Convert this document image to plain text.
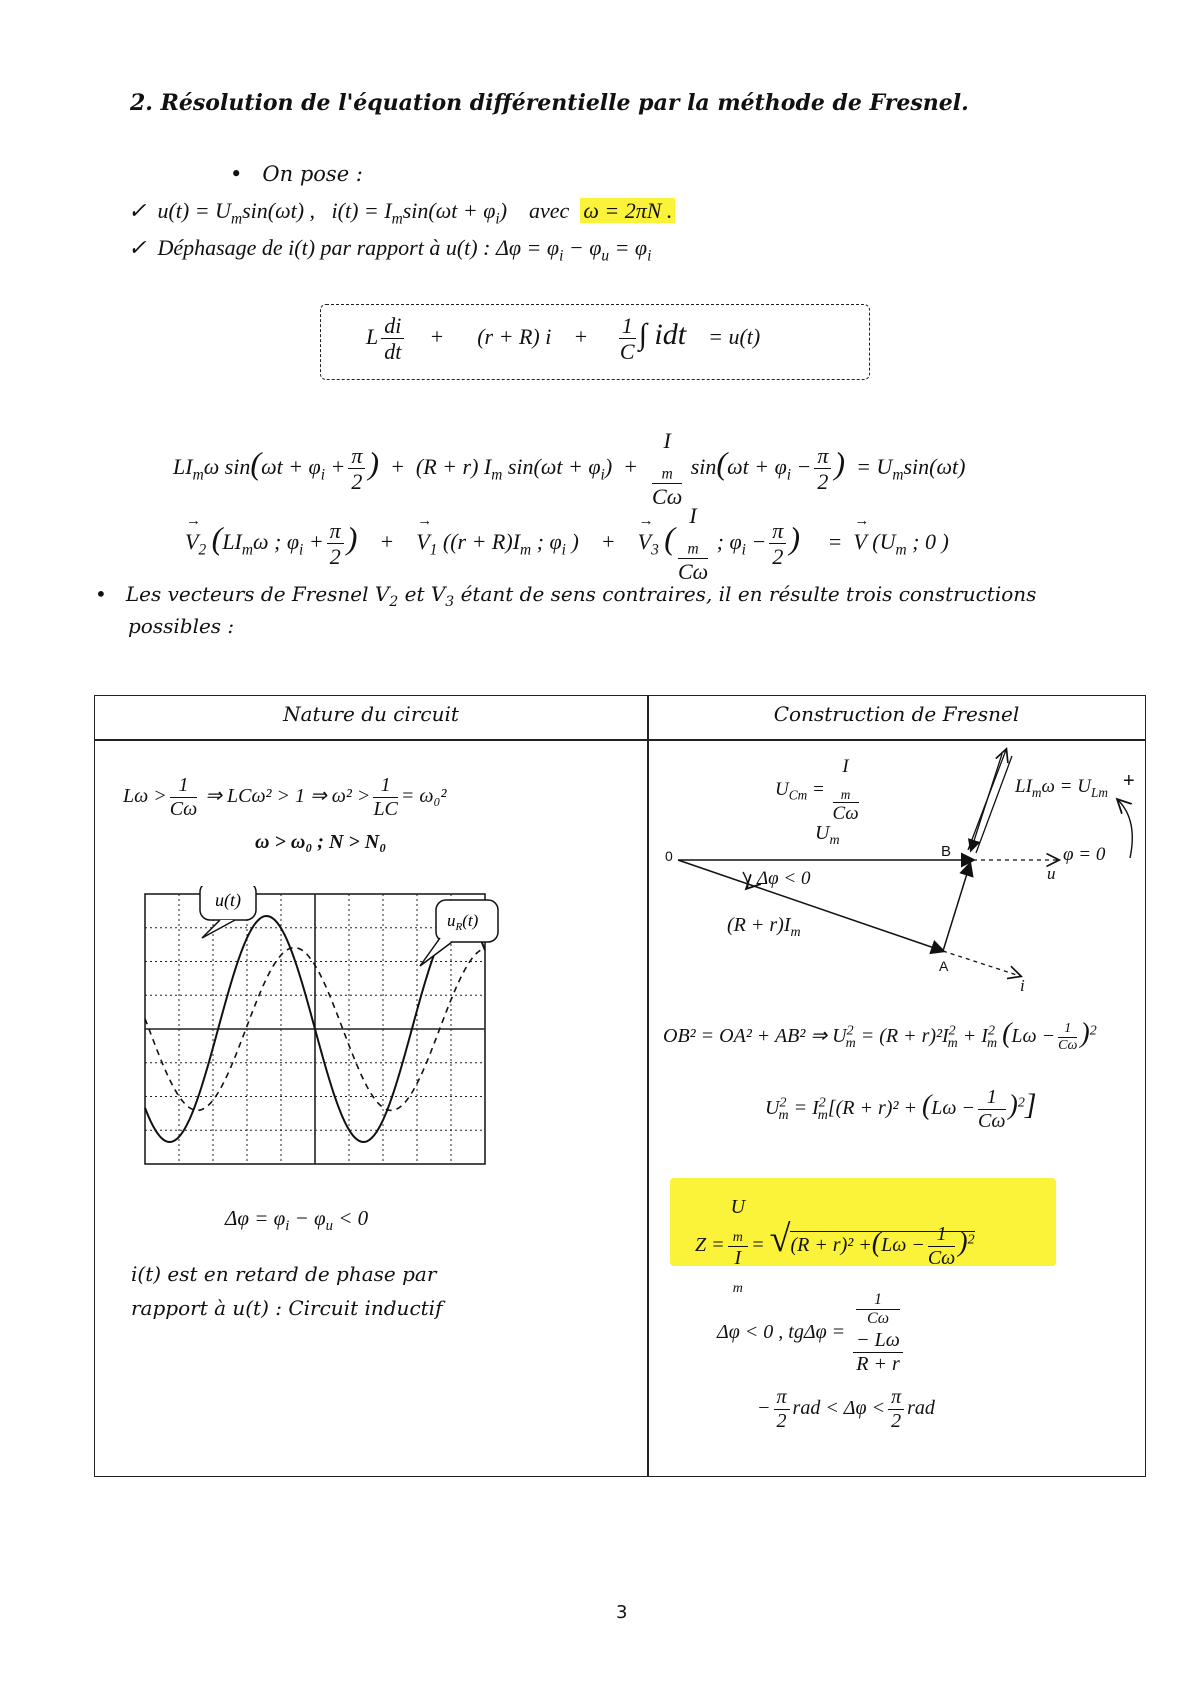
2. Résolution de l'équation différentielle par la méthode de Fresnel.
•   On pose :
✓ $u(t) = U_m\sin(\omega t)$ , $i(t) = I_m\sin(\omega t + \varphi_i)$ avec ω = 2πN .
✓ Déphasage de i(t) par rapport à u(t) : $\Delta\varphi = \varphi_i - \varphi_u = \varphi_i$
L $\frac{di}{dt} + (r + R) i + \frac{1}{C}$ ∫ idt = u(t)
$LI_m\omega$ $\sin(\omega t + \varphi_i + \frac{\pi}{2}$ ) + (R + r) $I_m$ $\sin(\omega t + \varphi_i) + I$
$_m$
Cω $\sin(\omega t + \varphi_i - \frac{\pi}{2}$ ) = $U_m\sin(\omega t)$
→ $V_2$ ($LI_m\omega$ ; $\varphi_i + \frac{\pi}{2}$ ) + → $V_1$ ($(r + R)I_m$ ; $\varphi_i$ ) + → $V_3$ ( I
$_m$
Cω ; $\varphi_i - \frac{\pi}{2}$ ) = → V ($U_m$ ; 0 )
•   Les vecteurs de Fresnel $V_2$ et $V_3$ étant de sens contraires, il en résulte trois constructions
possibles :
Nature du circuit	Construction de Fresnel
$L\omega > \frac{1}{C\omega}$ ⇒ LCω² > 1 ⇒ $\omega^2 > \frac{1}{LC} = \omega_0^2$
ω > ω₀ ; N > N₀
u(t)
$u_R(t)$
$\Delta\varphi = \varphi_i - \varphi_u < 0$
i(t) est en retard de phase par
rapport à u(t) : Circuit inductif
0	B
A
$U_m$
Δφ < 0
$(R + r)I_m$
φ = 0
u
i
+
$U_{Cm} = I$
$_m$
Cω	$LI_m\omega = U_{Lm}$
OB² = OA² + AB² ⇒ $U^2_m = (R + r)^2I^2_m + I^2_m$ $(L\omega - \frac{1}{C\omega} )^2$
$U^2_m = I^2_m[(R + r)^2 + (L\omega - \frac{1}{C\omega} )^2]$
Z = U
$_m$
I
$_m = √(R + r)^2 +(L\omega - \frac{1}{C\omega} )^2$
Δφ < 0 , tgΔφ = 1
Cω
− Lω
R + r
− $\frac{\pi}{2}$ rad < $\Delta\varphi < \frac{\pi}{2}$ rad
3
